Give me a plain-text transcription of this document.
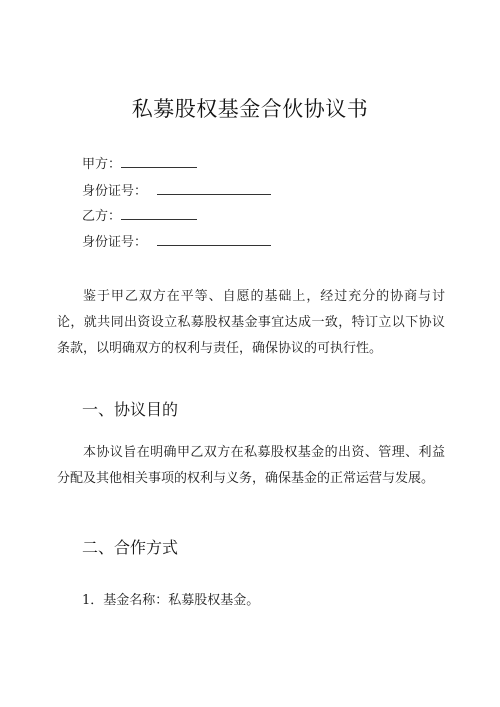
私募股权基金合伙协议书
甲方：
身份证号：
乙方：
身份证号：
鉴于甲乙双方在平等、自愿的基础上，经过充分的协商与讨论，就共同出资设立私募股权基金事宜达成一致，特订立以下协议条款，以明确双方的权利与责任，确保协议的可执行性。
一、协议目的
本协议旨在明确甲乙双方在私募股权基金的出资、管理、利益分配及其他相关事项的权利与义务，确保基金的正常运营与发展。
二、合作方式
1．基金名称：私募股权基金。
